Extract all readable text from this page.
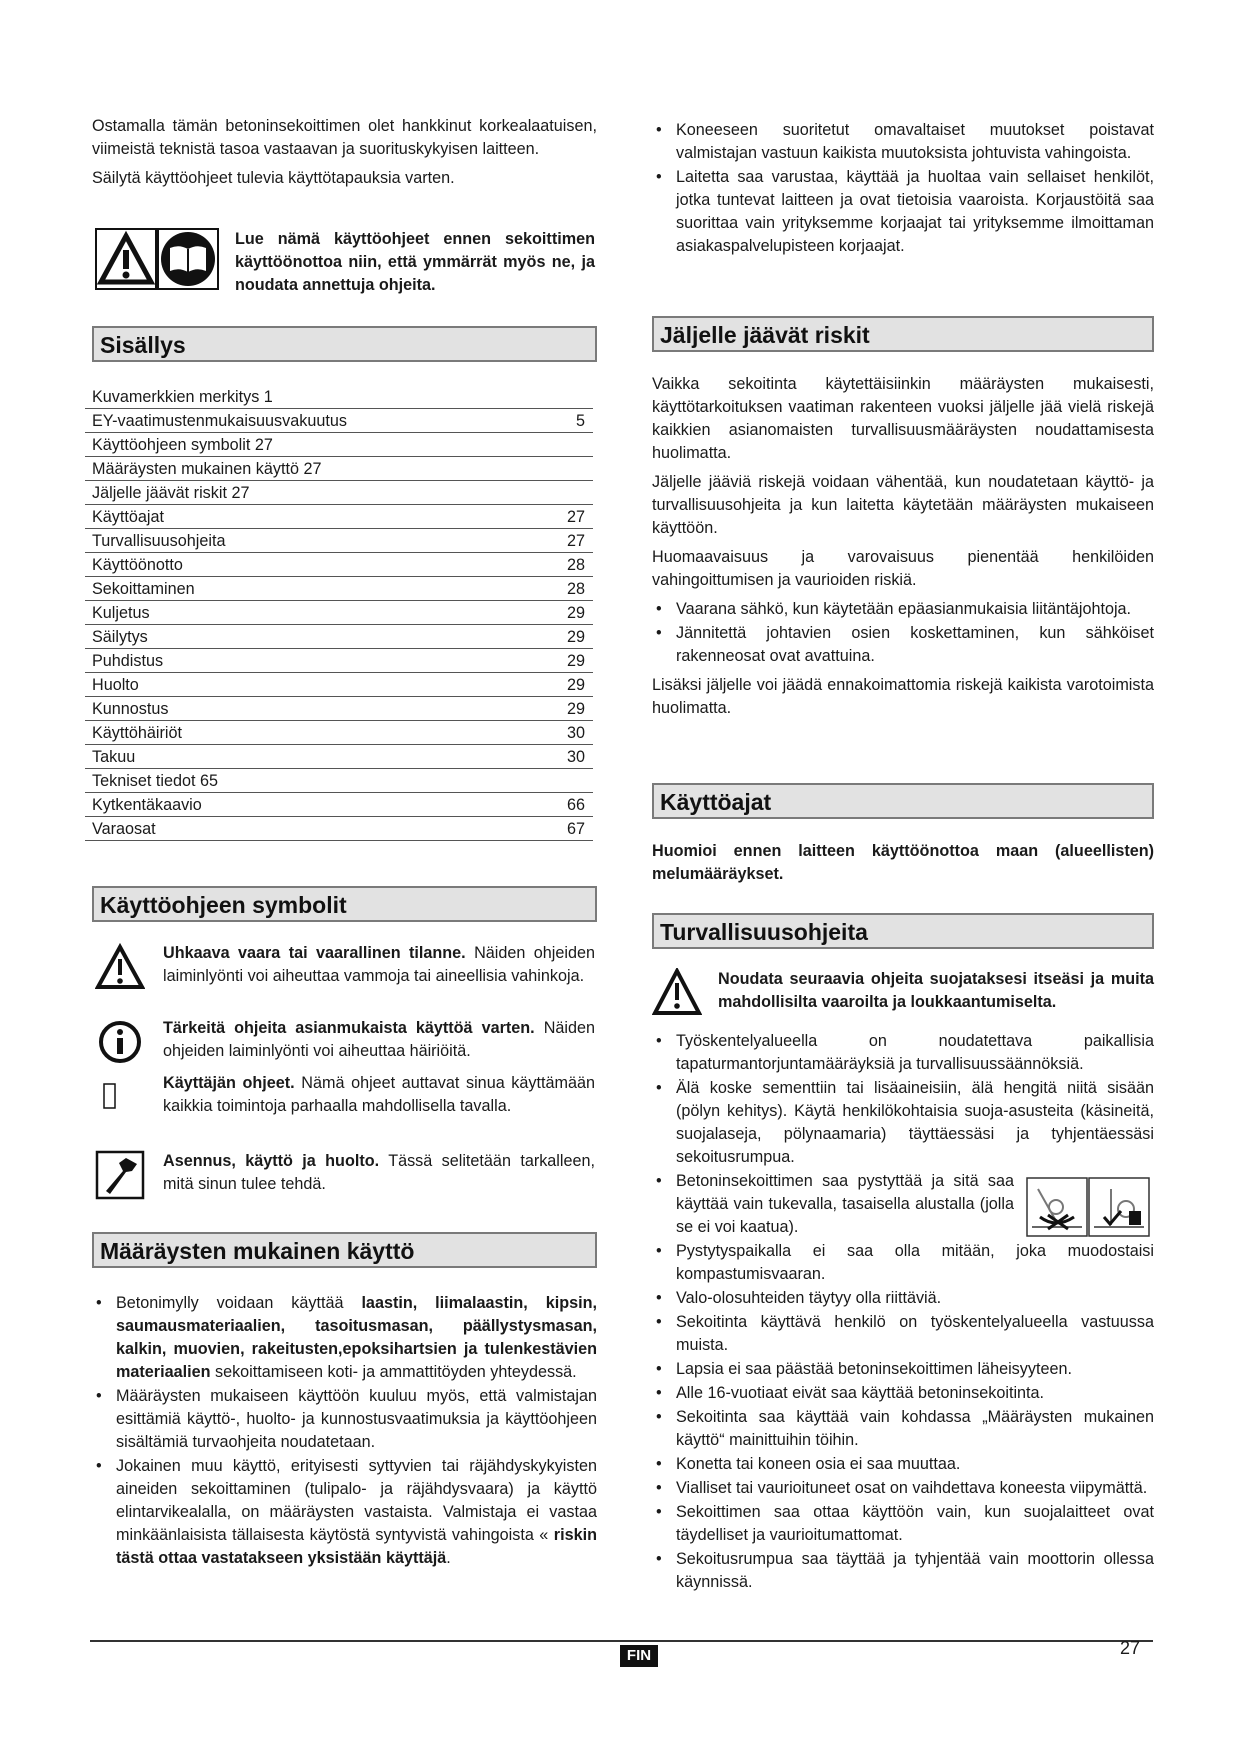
Ostamalla tämän betoninsekoittimen olet hankkinut korkealaatuisen, viimeistä teknistä tasoa vastaavan ja suorituskykyisen laitteen.

Säilytä käyttöohjeet tulevia käyttötapauksia varten.

Lue nämä käyttöohjeet ennen sekoittimen käyttöönottoa niin, että ymmärrät myös ne, ja noudata annettuja ohjeita.
Sisällys
Kuvamerkkien merkitys 1
EY-vaatimustenmukaisuusvakuutus	5
Käyttöohjeen symbolit 27
Määräysten mukainen käyttö 27
Jäljelle jäävät riskit 27
Käyttöajat	27
Turvallisuusohjeita	27
Käyttöönotto	28
Sekoittaminen	28
Kuljetus	29
Säilytys	29
Puhdistus	29
Huolto	29
Kunnostus	29
Käyttöhäiriöt	30
Takuu	30
Tekniset tiedot 65
Kytkentäkaavio	66
Varaosat	67
Käyttöohjeen symbolit
Uhkaava vaara tai vaarallinen tilanne. Näiden ohjeiden laiminlyönti voi aiheuttaa vammoja tai aineellisia vahinkoja.
Tärkeitä ohjeita asianmukaista käyttöä varten. Näiden ohjeiden laiminlyönti voi aiheuttaa häiriöitä.
Käyttäjän ohjeet. Nämä ohjeet auttavat sinua käyttämään kaikkia toimintoja parhaalla mahdollisella tavalla.
Asennus, käyttö ja huolto. Tässä selitetään tarkalleen, mitä sinun tulee tehdä.
Määräysten mukainen käyttö
• Betonimylly voidaan käyttää laastin, liimalaastin, kipsin, saumausmateriaalien, tasoitusmasan, päällystysmasan, kalkin, muovien, rakeitusten,epoksihartsien ja tulenkestävien materiaalien sekoittamiseen koti- ja ammattitöyden yhteydessä.
• Määräysten mukaiseen käyttöön kuuluu myös, että valmistajan esittämiä käyttö-, huolto- ja kunnostusvaatimuksia ja käyttöohjeen sisältämiä turvaohjeita noudatetaan.
• Jokainen muu käyttö, erityisesti syttyvien tai räjähdyskykyisten aineiden sekoittaminen (tulipalo- ja räjähdysvaara) ja käyttö elintarvikealalla, on määräysten vastaista. Valmistaja ei vastaa minkäänlaisista tällaisesta käytöstä syntyvistä vahingoista « riskin tästä ottaa vastatakseen yksistään käyttäjä.
• Koneeseen suoritetut omavaltaiset muutokset poistavat valmistajan vastuun kaikista muutoksista johtuvista vahingoista.
• Laitetta saa varustaa, käyttää ja huoltaa vain sellaiset henkilöt, jotka tuntevat laitteen ja ovat tietoisia vaaroista. Korjaustöitä saa suorittaa vain yrityksemme korjaajat tai yrityksemme ilmoittaman asiakaspalvelupisteen korjaajat.
Jäljelle jäävät riskit

Vaikka sekoitinta käytettäisiinkin määräysten mukaisesti, käyttötarkoituksen vaatiman rakenteen vuoksi jäljelle jää vielä riskejä kaikkien asianomaisten turvallisuusmääräysten noudattamisesta huolimatta.

Jäljelle jääviä riskejä voidaan vähentää, kun noudatetaan käyttö- ja turvallisuusohjeita ja kun laitetta käytetään määräysten mukaiseen käyttöön.

Huomaavaisuus ja varovaisuus pienentää henkilöiden vahingoittumisen ja vaurioiden riskiä.

• Vaarana sähkö, kun käytetään epäasianmukaisia liitäntäjohtoja.
• Jännitettä johtavien osien koskettaminen, kun sähköiset rakenneosat ovat avattuina.

Lisäksi jäljelle voi jäädä ennakoimattomia riskejä kaikista varotoimista huolimatta.

Käyttöajat
Huomioi ennen laitteen käyttöönottoa maan (alueellisten) melumääräykset.
Turvallisuusohjeita
Noudata seuraavia ohjeita suojataksesi itseäsi ja muita mahdollisilta vaaroilta ja loukkaantumiselta.
• Työskentelyalueella on noudatettava paikallisia tapaturmantorjuntamääräyksiä ja turvallisuussäännöksiä.
• Älä koske sementtiin tai lisäaineisiin, älä hengitä niitä sisään (pölyn kehitys). Käytä henkilökohtaisia suoja-asusteita (käsineitä, suojalaseja, pölynaamaria) täyttäessäsi ja tyhjentäessäsi sekoitusrumpua.
• Betoninsekoittimen saa pystyttää ja sitä saa käyttää vain tukevalla, tasaisella alustalla (jolla se ei voi kaatua).
• Pystytyspaikalla ei saa olla mitään, joka muodostaisi kompastumisvaaran.
• Valo-olosuhteiden täytyy olla riittäviä.
• Sekoitinta käyttävä henkilö on työskentelyalueella vastuussa muista.
• Lapsia ei saa päästää betoninsekoittimen läheisyyteen.
• Alle 16-vuotiaat eivät saa käyttää betoninsekoitinta.
• Sekoitinta saa käyttää vain kohdassa „Määräysten mukainen käyttö“ mainittuihin töihin.
• Konetta tai koneen osia ei saa muuttaa.
• Vialliset tai vaurioituneet osat on vaihdettava koneesta viipymättä.
• Sekoittimen saa ottaa käyttöön vain, kun suojalaitteet ovat täydelliset ja vaurioitumattomat.
• Sekoitusrumpua saa täyttää ja tyhjentää vain moottorin ollessa käynnissä.
FIN	27
